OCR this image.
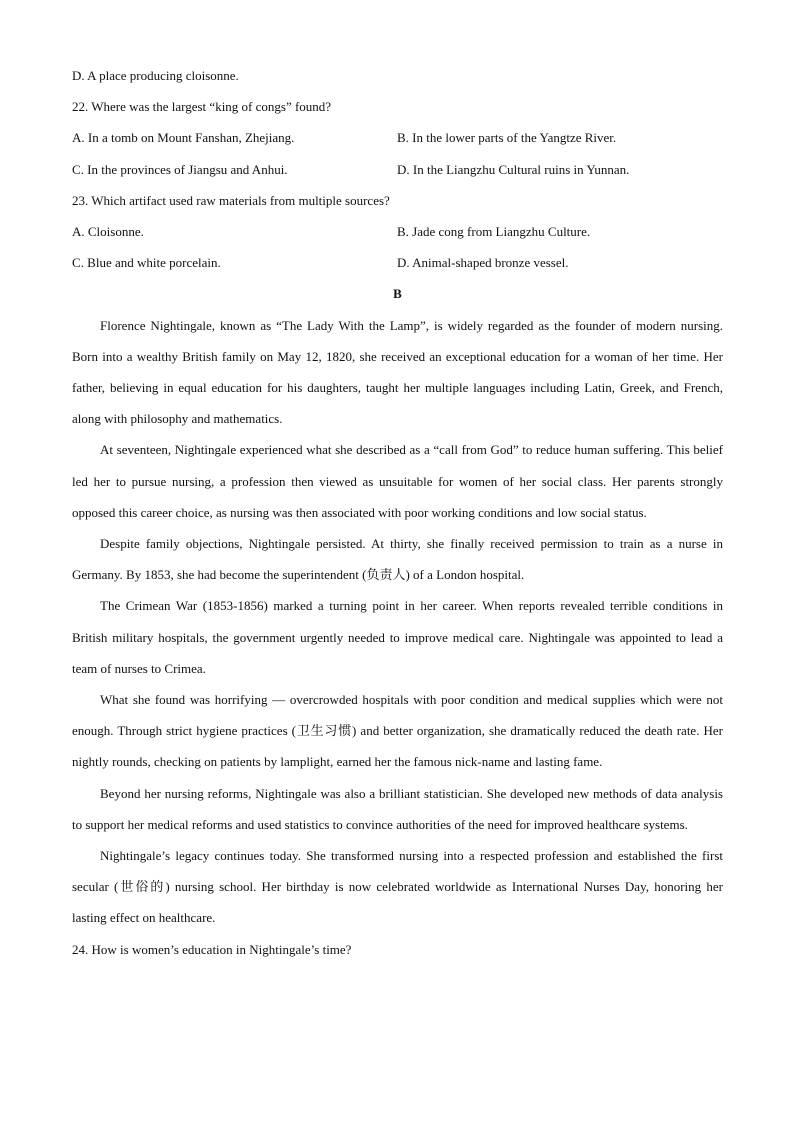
D. A place producing cloisonne.
22. Where was the largest “king of congs” found?
A. In a tomb on Mount Fanshan, Zhejiang.	B. In the lower parts of the Yangtze River.
C. In the provinces of Jiangsu and Anhui.	D. In the Liangzhu Cultural ruins in Yunnan.
23. Which artifact used raw materials from multiple sources?
A. Cloisonne.	B. Jade cong from Liangzhu Culture.
C. Blue and white porcelain.	D. Animal-shaped bronze vessel.
B

Florence Nightingale, known as “The Lady With the Lamp”, is widely regarded as the founder of modern nursing. Born into a wealthy British family on May 12, 1820, she received an exceptional education for a woman of her time. Her father, believing in equal education for his daughters, taught her multiple languages including Latin, Greek, and French, along with philosophy and mathematics.

At seventeen, Nightingale experienced what she described as a “call from God” to reduce human suffering. This belief led her to pursue nursing, a profession then viewed as unsuitable for women of her social class. Her parents strongly opposed this career choice, as nursing was then associated with poor working conditions and low social status.

Despite family objections, Nightingale persisted. At thirty, she finally received permission to train as a nurse in Germany. By 1853, she had become the superintendent (负责人) of a London hospital.

The Crimean War (1853-1856) marked a turning point in her career. When reports revealed terrible conditions in British military hospitals, the government urgently needed to improve medical care. Nightingale was appointed to lead a team of nurses to Crimea.

What she found was horrifying — overcrowded hospitals with poor condition and medical supplies which were not enough. Through strict hygiene practices (卫生习惯) and better organization, she dramatically reduced the death rate. Her nightly rounds, checking on patients by lamplight, earned her the famous nick-name and lasting fame.

Beyond her nursing reforms, Nightingale was also a brilliant statistician. She developed new methods of data analysis to support her medical reforms and used statistics to convince authorities of the need for improved healthcare systems.

Nightingale’s legacy continues today. She transformed nursing into a respected profession and established the first secular (世俗的) nursing school. Her birthday is now celebrated worldwide as International Nurses Day, honoring her lasting effect on healthcare.

24. How is women’s education in Nightingale’s time?
